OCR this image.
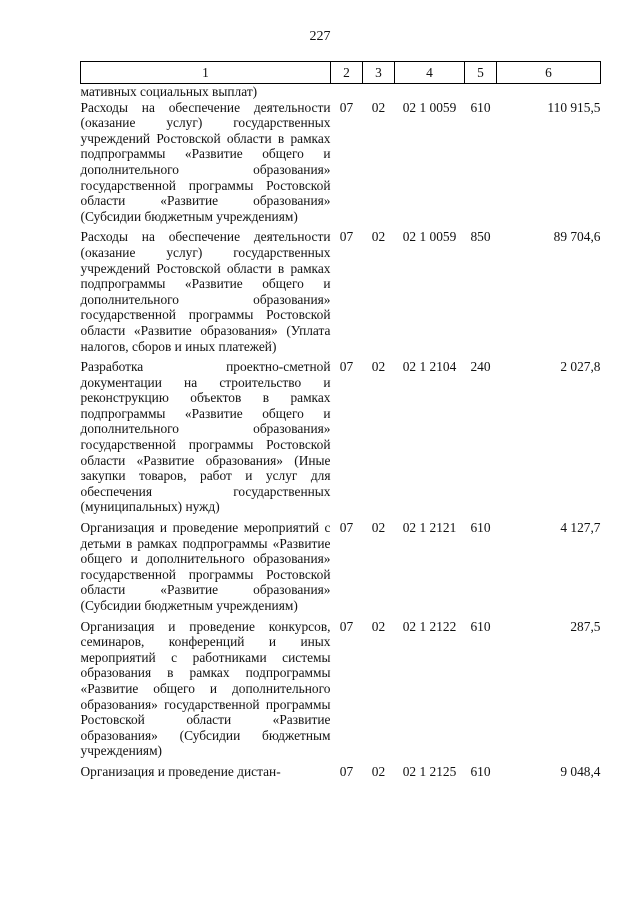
227
1	2	3	4	5	6
мативных социальных выплат)					
Расходы на обеспечение деятельности (оказание услуг) государственных учреждений Ростовской области в рамках подпрограммы «Развитие общего и дополнительного образования» государственной программы Ростовской области «Развитие образования» (Субсидии бюджетным учреждениям)	07	02	02 1 0059	610	110 915,5
Расходы на обеспечение деятельности (оказание услуг) государственных учреждений Ростовской области в рамках подпрограммы «Развитие общего и дополнительного образования» государственной программы Ростовской области «Развитие образования» (Уплата налогов, сборов и иных платежей)	07	02	02 1 0059	850	89 704,6
Разработка проектно-сметной документации на строительство и реконструкцию объектов в рамках подпрограммы «Развитие общего и дополнительного образования» государственной программы Ростовской области «Развитие образования» (Иные закупки товаров, работ и услуг для обеспечения государственных (муниципальных) нужд)	07	02	02 1 2104	240	2 027,8
Организация и проведение мероприятий с детьми в рамках подпрограммы «Развитие общего и дополнительного образования» государственной программы Ростовской области «Развитие образования» (Субсидии бюджетным учреждениям)	07	02	02 1 2121	610	4 127,7
Организация и проведение конкурсов, семинаров, конференций и иных мероприятий с работниками системы образования в рамках подпрограммы «Развитие общего и дополнительного образования» государственной программы Ростовской области «Развитие образования» (Субсидии бюджетным учреждениям)	07	02	02 1 2122	610	287,5
Организация и проведение дистан-	07	02	02 1 2125	610	9 048,4
